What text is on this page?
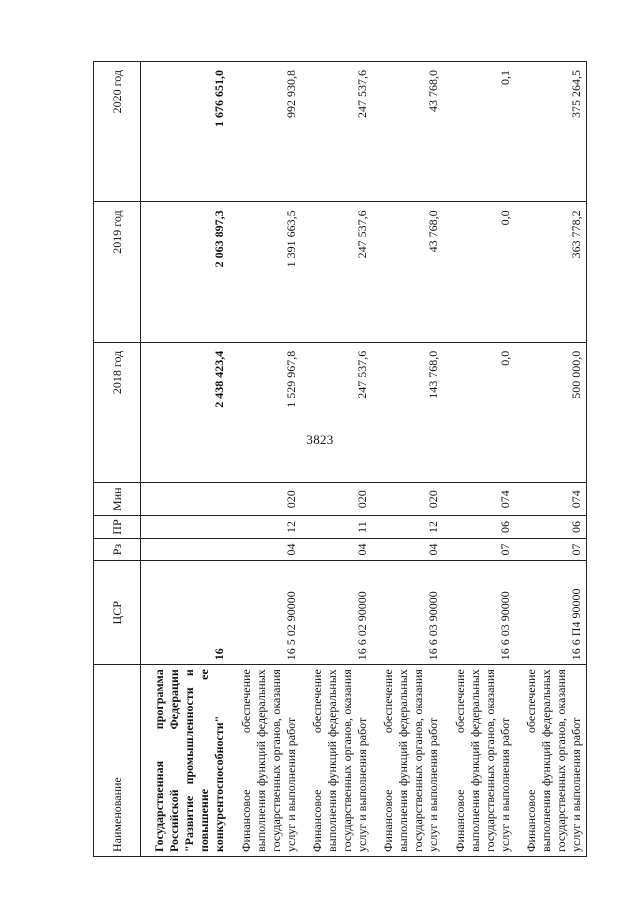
3823
Наименование	ЦСР	Рз	ПР	Мин	2018 год	2019 год	2020 год
Государственная программа Российской Федерации "Развитие промышленности и повышение ее конкурентоспособности"	16				2 438 423,4	2 063 897,3	1 676 651,0
Финансовое обеспечение выполнения функций федеральных государственных органов, оказания услуг и выполнения работ	16 5 02 90000	04	12	020	1 529 967,8	1 391 663,5	992 930,8
Финансовое обеспечение выполнения функций федеральных государственных органов, оказания услуг и выполнения работ	16 6 02 90000	04	11	020	247 537,6	247 537,6	247 537,6
Финансовое обеспечение выполнения функций федеральных государственных органов, оказания услуг и выполнения работ	16 6 03 90000	04	12	020	143 768,0	43 768,0	43 768,0
Финансовое обеспечение выполнения функций федеральных государственных органов, оказания услуг и выполнения работ	16 6 03 90000	07	06	074	0,0	0,0	0,1
Финансовое обеспечение выполнения функций федеральных государственных органов, оказания услуг и выполнения работ	16 6 П4 90000	07	06	074	500 000,0	363 778,2	375 264,5
